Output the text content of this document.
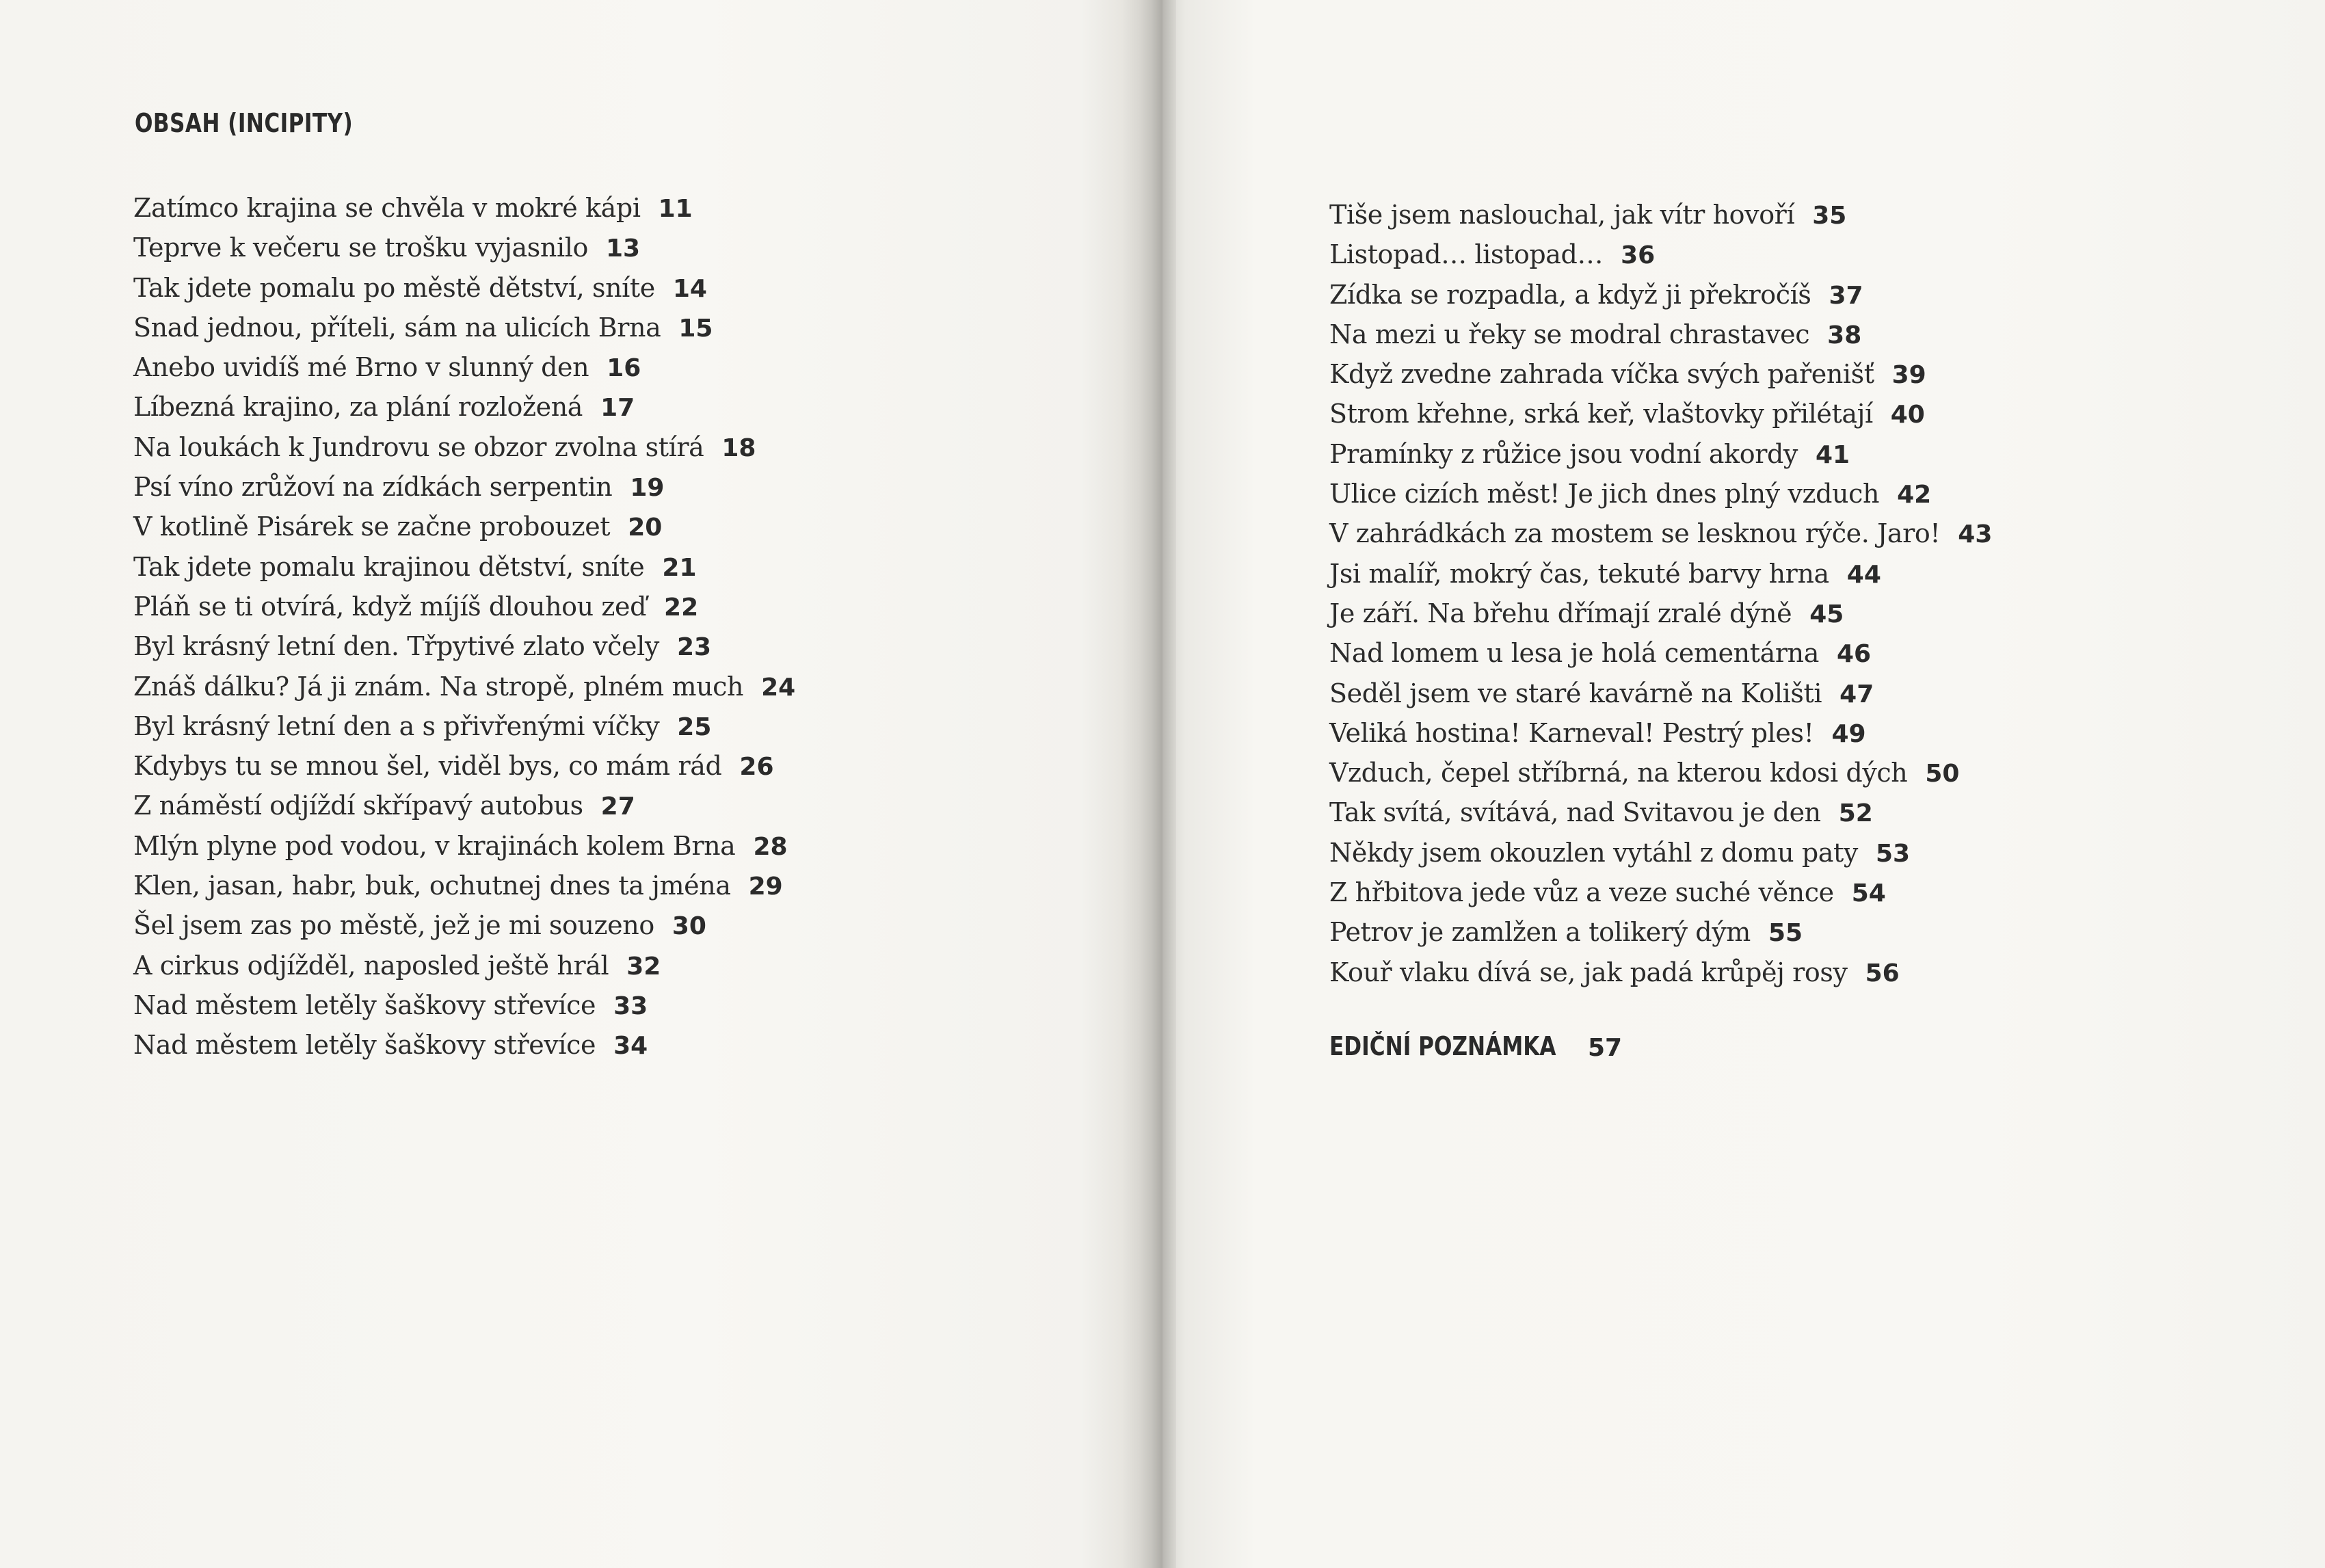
OBSAH (INCIPITY)
Zatímco krajina se chvěla v mokré kápi 11
Teprve k večeru se trošku vyjasnilo 13
Tak jdete pomalu po městě dětství, sníte 14
Snad jednou, příteli, sám na ulicích Brna 15
Anebo uvidíš mé Brno v slunný den 16
Líbezná krajino, za plání rozložená 17
Na loukách k Jundrovu se obzor zvolna stírá 18
Psí víno zrůžoví na zídkách serpentin 19
V kotlině Pisárek se začne probouzet 20
Tak jdete pomalu krajinou dětství, sníte 21
Pláň se ti otvírá, když míjíš dlouhou zeď 22
Byl krásný letní den. Třpytivé zlato včely 23
Znáš dálku? Já ji znám. Na stropě, plném much 24
Byl krásný letní den a s přivřenými víčky 25
Kdybys tu se mnou šel, viděl bys, co mám rád 26
Z náměstí odjíždí skřípavý autobus 27
Mlýn plyne pod vodou, v krajinách kolem Brna 28
Klen, jasan, habr, buk, ochutnej dnes ta jména 29
Šel jsem zas po městě, jež je mi souzeno 30
A cirkus odjížděl, naposled ještě hrál 32
Nad městem letěly šaškovy střevíce 33
Nad městem letěly šaškovy střevíce 34
Tiše jsem naslouchal, jak vítr hovoří 35
Listopad… listopad… 36
Zídka se rozpadla, a když ji překročíš 37
Na mezi u řeky se modral chrastavec 38
Když zvedne zahrada víčka svých pařenišť 39
Strom křehne, srká keř, vlaštovky přilétají 40
Pramínky z růžice jsou vodní akordy 41
Ulice cizích měst! Je jich dnes plný vzduch 42
V zahrádkách za mostem se lesknou rýče. Jaro! 43
Jsi malíř, mokrý čas, tekuté barvy hrna 44
Je září. Na břehu dřímají zralé dýně 45
Nad lomem u lesa je holá cementárna 46
Seděl jsem ve staré kavárně na Kolišti 47
Veliká hostina! Karneval! Pestrý ples! 49
Vzduch, čepel stříbrná, na kterou kdosi dých 50
Tak svítá, svítává, nad Svitavou je den 52
Někdy jsem okouzlen vytáhl z domu paty 53
Z hřbitova jede vůz a veze suché věnce 54
Petrov je zamlžen a tolikerý dým 55
Kouř vlaku dívá se, jak padá krůpěj rosy 56
EDIČNÍ POZNÁMKA 57
